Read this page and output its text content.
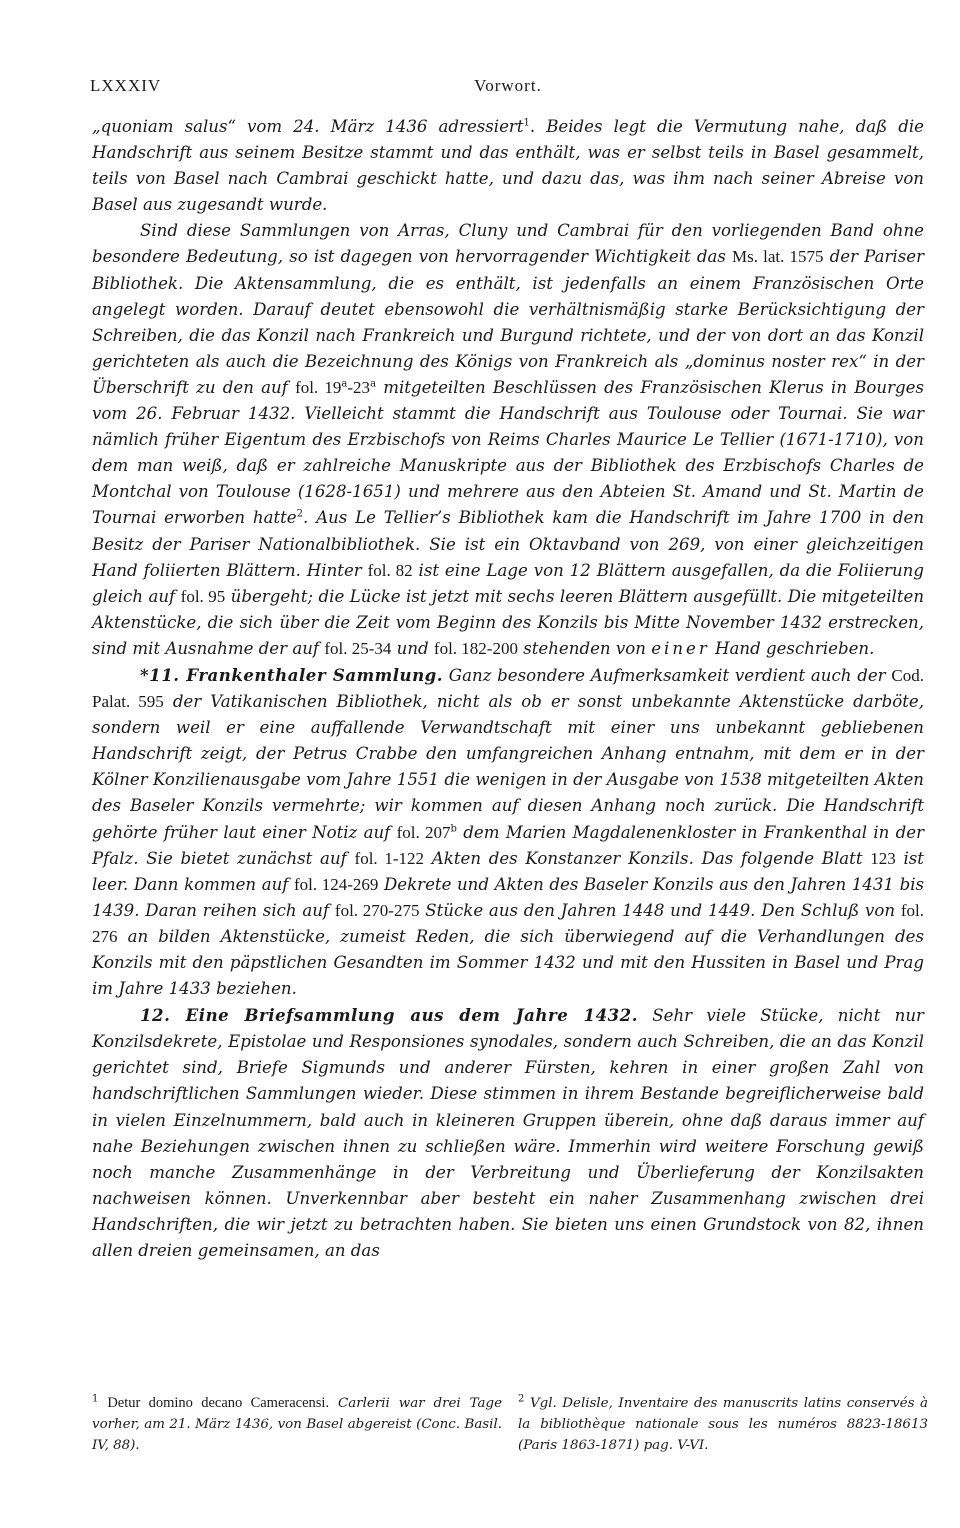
LXXXIV	Vorwort.

„quoniam salus“ vom 24. März 1436 adressiert$^1$. Beides legt die Vermutung nahe, daß die Handschrift aus seinem Besitze stammt und das enthält, was er selbst teils in Basel gesammelt, teils von Basel nach Cambrai geschickt hatte, und dazu das, was ihm nach seiner Abreise von Basel aus zugesandt wurde.

Sind diese Sammlungen von Arras, Cluny und Cambrai für den vorliegenden Band ohne besondere Bedeutung, so ist dagegen von hervorragender Wichtigkeit das Ms. lat. 1575 der Pariser Bibliothek. Die Aktensammlung, die es enthält, ist jedenfalls an einem Französischen Orte angelegt worden. Darauf deutet ebensowohl die verhältnismäßig starke Berücksichtigung der Schreiben, die das Konzil nach Frankreich und Burgund richtete, und der von dort an das Konzil gerichteten als auch die Bezeichnung des Königs von Frankreich als „dominus noster rex“ in der Überschrift zu den auf fol. 19$^a$-23$^a$ mitgeteilten Beschlüssen des Französischen Klerus in Bourges vom 26. Februar 1432. Vielleicht stammt die Handschrift aus Toulouse oder Tournai. Sie war nämlich früher Eigentum des Erzbischofs von Reims Charles Maurice Le Tellier (1671-1710), von dem man weiß, daß er zahlreiche Manuskripte aus der Bibliothek des Erzbischofs Charles de Montchal von Toulouse (1628-1651) und mehrere aus den Abteien St. Amand und St. Martin de Tournai erworben hatte$^2$. Aus Le Tellier’s Bibliothek kam die Handschrift im Jahre 1700 in den Besitz der Pariser Nationalbibliothek. Sie ist ein Oktavband von 269, von einer gleichzeitigen Hand foliierten Blättern. Hinter fol. 82 ist eine Lage von 12 Blättern ausgefallen, da die Foliierung gleich auf fol. 95 übergeht; die Lücke ist jetzt mit sechs leeren Blättern ausgefüllt. Die mitgeteilten Aktenstücke, die sich über die Zeit vom Beginn des Konzils bis Mitte November 1432 erstrecken, sind mit Ausnahme der auf fol. 25-34 und fol. 182-200 stehenden von einer Hand geschrieben.

*11. Frankenthaler Sammlung. Ganz besondere Aufmerksamkeit verdient auch der Cod. Palat. 595 der Vatikanischen Bibliothek, nicht als ob er sonst unbekannte Aktenstücke darböte, sondern weil er eine auffallende Verwandtschaft mit einer uns unbekannt gebliebenen Handschrift zeigt, der Petrus Crabbe den umfangreichen Anhang entnahm, mit dem er in der Kölner Konzilienausgabe vom Jahre 1551 die wenigen in der Ausgabe von 1538 mitgeteilten Akten des Baseler Konzils vermehrte; wir kommen auf diesen Anhang noch zurück. Die Handschrift gehörte früher laut einer Notiz auf fol. 207$^b$ dem Marien Magdalenenkloster in Frankenthal in der Pfalz. Sie bietet zunächst auf fol. 1-122 Akten des Konstanzer Konzils. Das folgende Blatt 123 ist leer. Dann kommen auf fol. 124-269 Dekrete und Akten des Baseler Konzils aus den Jahren 1431 bis 1439. Daran reihen sich auf fol. 270-275 Stücke aus den Jahren 1448 und 1449. Den Schluß von fol. 276 an bilden Aktenstücke, zumeist Reden, die sich überwiegend auf die Verhandlungen des Konzils mit den päpstlichen Gesandten im Sommer 1432 und mit den Hussiten in Basel und Prag im Jahre 1433 beziehen.

12. Eine Briefsammlung aus dem Jahre 1432. Sehr viele Stücke, nicht nur Konzilsdekrete, Epistolae und Responsiones synodales, sondern auch Schreiben, die an das Konzil gerichtet sind, Briefe Sigmunds und anderer Fürsten, kehren in einer großen Zahl von handschriftlichen Sammlungen wieder. Diese stimmen in ihrem Bestande begreiflicherweise bald in vielen Einzelnummern, bald auch in kleineren Gruppen überein, ohne daß daraus immer auf nahe Beziehungen zwischen ihnen zu schließen wäre. Immerhin wird weitere Forschung gewiß noch manche Zusammenhänge in der Verbreitung und Überlieferung der Konzilsakten nachweisen können. Unverkennbar aber besteht ein naher Zusammenhang zwischen drei Handschriften, die wir jetzt zu betrachten haben. Sie bieten uns einen Grundstock von 82, ihnen allen dreien gemeinsamen, an das

$^1$ Detur domino decano Cameracensi. Carlerii war drei Tage vorher, am 21. März 1436, von Basel abgereist (Conc. Basil. IV, 88).
$^2$ Vgl. Delisle, Inventaire des manuscrits latins conservés à la bibliothèque nationale sous les numéros 8823-18613 (Paris 1863-1871) pag. V-VI.
